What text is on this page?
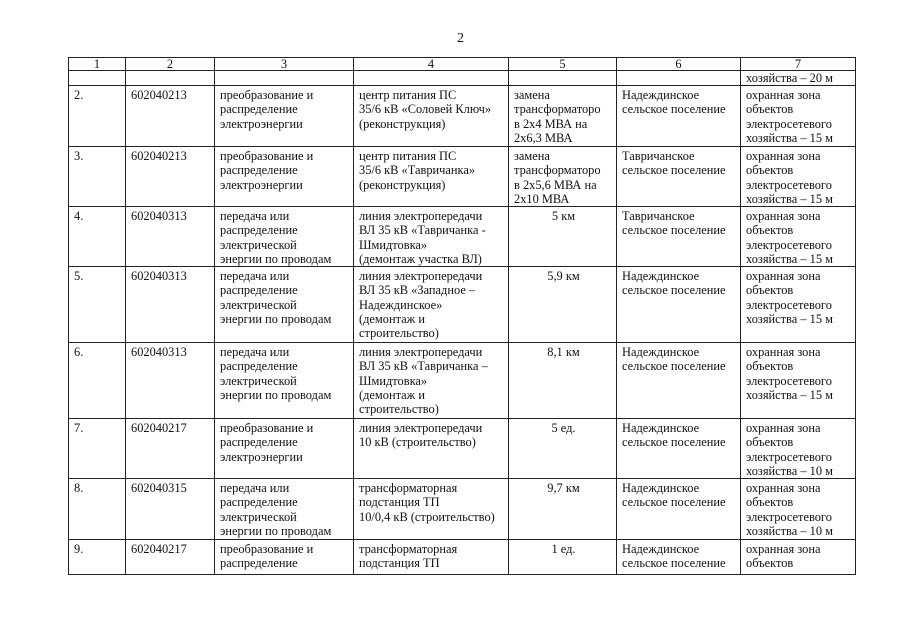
2
1	2	3	4	5	6	7
						хозяйства – 20 м
2.	602040213	преобразование и
распределение
электроэнергии	центр питания ПС
35/6 кВ «Соловей Ключ»
(реконструкция)	замена
трансформаторо
в 2х4 МВА на
2х6,3 МВА	Надеждинское
сельское поселение	охранная зона
объектов
электросетевого
хозяйства – 15 м

3.	602040213	преобразование и
распределение
электроэнергии	центр питания ПС
35/6 кВ «Тавричанка»
(реконструкция)	замена
трансформаторо
в 2х5,6 МВА на
2х10 МВА	Тавричанское
сельское поселение	охранная зона
объектов
электросетевого
хозяйства – 15 м

4.	602040313	передача или
распределение
электрической
энергии по проводам	линия электропередачи
ВЛ 35 кВ «Тавричанка -
Шмидтовка»
(демонтаж участка ВЛ)	5 км	Тавричанское
сельское поселение	охранная зона
объектов
электросетевого
хозяйства – 15 м

5.	602040313	передача или
распределение
электрической
энергии по проводам	линия электропередачи
ВЛ 35 кВ «Западное –
Надеждинское»
(демонтаж и
строительство)	5,9 км	Надеждинское
сельское поселение	охранная зона
объектов
электросетевого
хозяйства – 15 м

6.	602040313	передача или
распределение
электрической
энергии по проводам	линия электропередачи
ВЛ 35 кВ «Тавричанка –
Шмидтовка»
(демонтаж и
строительство)	8,1 км	Надеждинское
сельское поселение	охранная зона
объектов
электросетевого
хозяйства – 15 м

7.	602040217	преобразование и
распределение
электроэнергии	линия электропередачи
10 кВ (строительство)	5 ед.	Надеждинское
сельское поселение	охранная зона
объектов
электросетевого
хозяйства – 10 м

8.	602040315	передача или
распределение
электрической
энергии по проводам	трансформаторная
подстанция ТП
10/0,4 кВ (строительство)	9,7 км	Надеждинское
сельское поселение	охранная зона
объектов
электросетевого
хозяйства – 10 м

9.	602040217	преобразование и
распределение	трансформаторная
подстанция ТП	1 ед.	Надеждинское
сельское поселение	охранная зона
объектов
